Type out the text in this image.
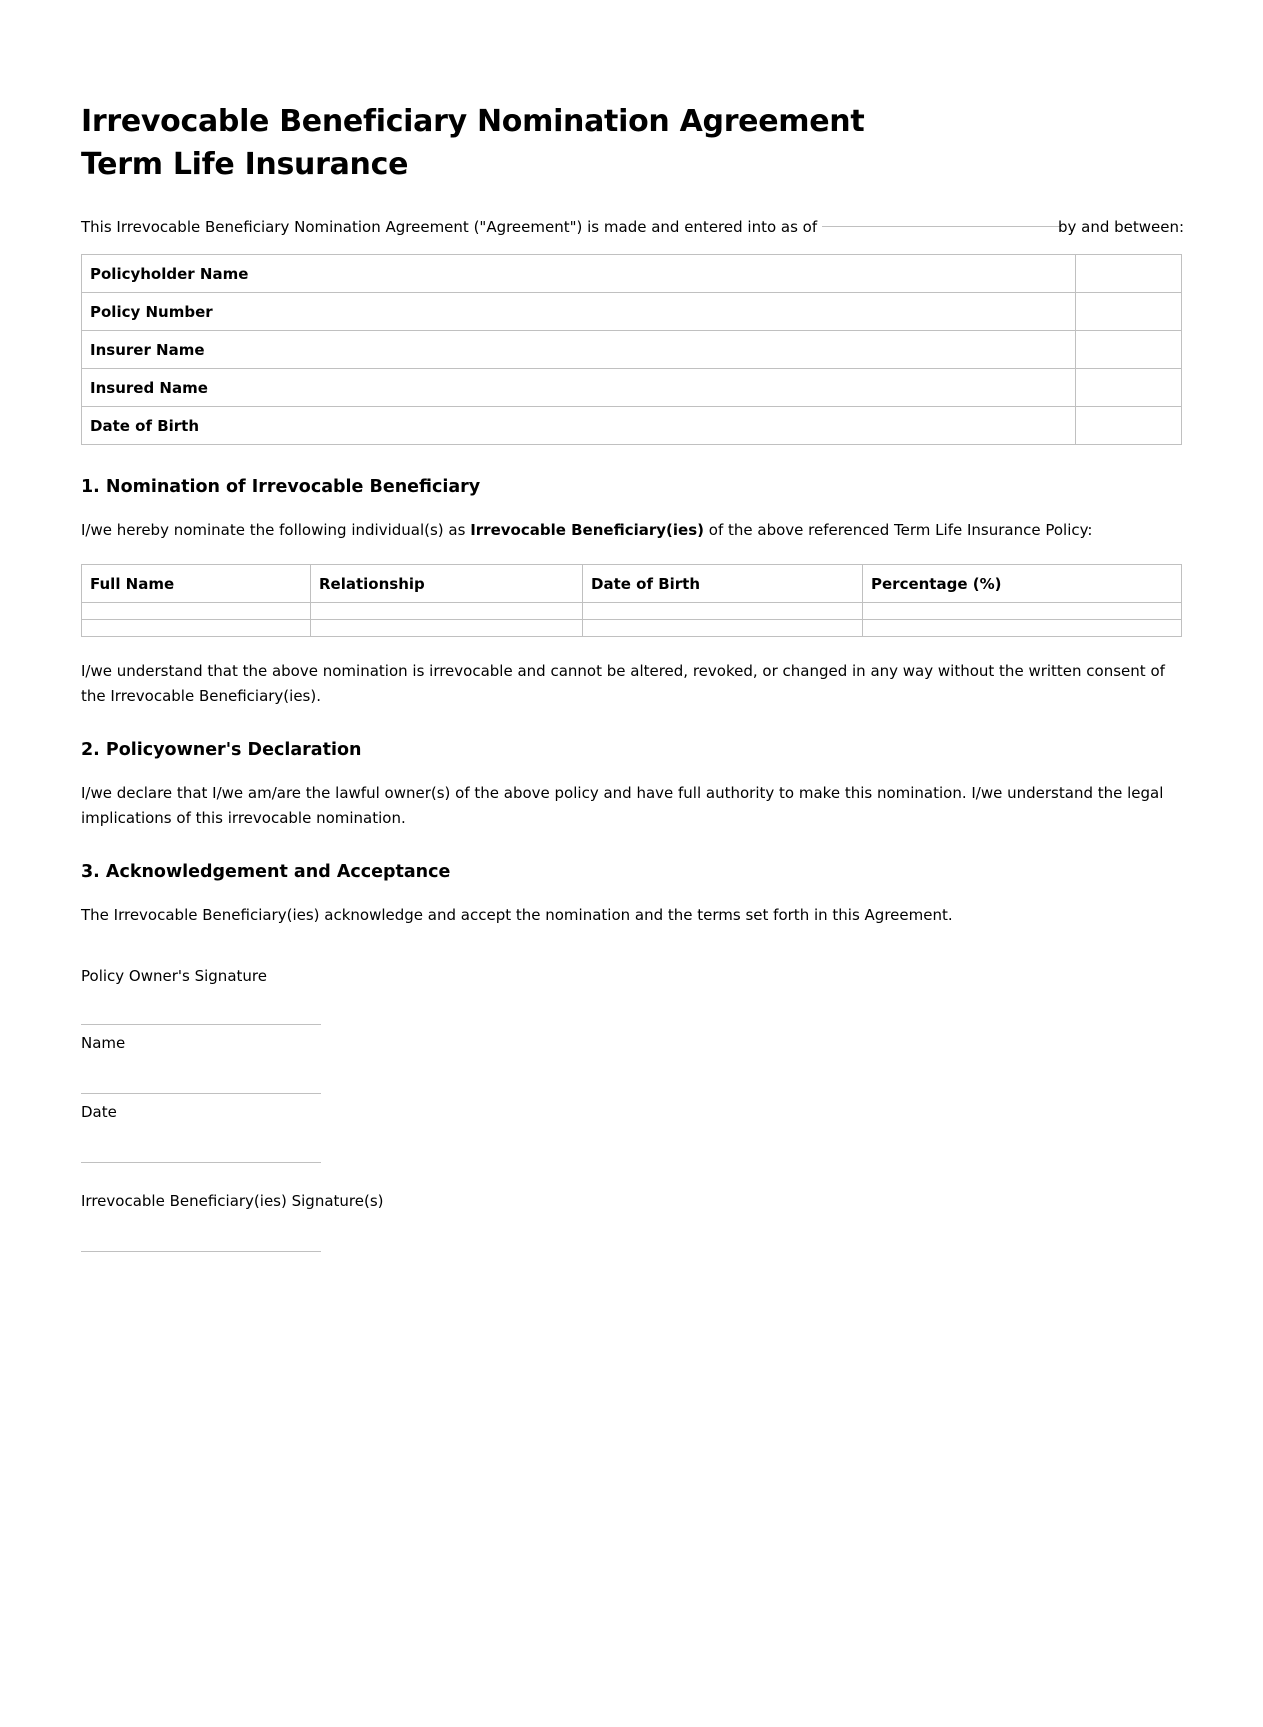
Irrevocable Beneficiary Nomination Agreement
Term Life Insurance
This Irrevocable Beneficiary Nomination Agreement ("Agreement") is made and entered into as of	by and between:
Policyholder Name	
Policy Number	
Insurer Name	
Insured Name	
Date of Birth	
1. Nomination of Irrevocable Beneficiary

I/we hereby nominate the following individual(s) as Irrevocable Beneficiary(ies) of the above referenced Term Life Insurance Policy:

Full Name	Relationship	Date of Birth	Percentage (%)

I/we understand that the above nomination is irrevocable and cannot be altered, revoked, or changed in any way without the written consent of the Irrevocable Beneficiary(ies).

2. Policyowner's Declaration

I/we declare that I/we am/are the lawful owner(s) of the above policy and have full authority to make this nomination. I/we understand the legal implications of this irrevocable nomination.

3. Acknowledgement and Acceptance

The Irrevocable Beneficiary(ies) acknowledge and accept the nomination and the terms set forth in this Agreement.

Policy Owner's Signature
Name
Date
Irrevocable Beneficiary(ies) Signature(s)
